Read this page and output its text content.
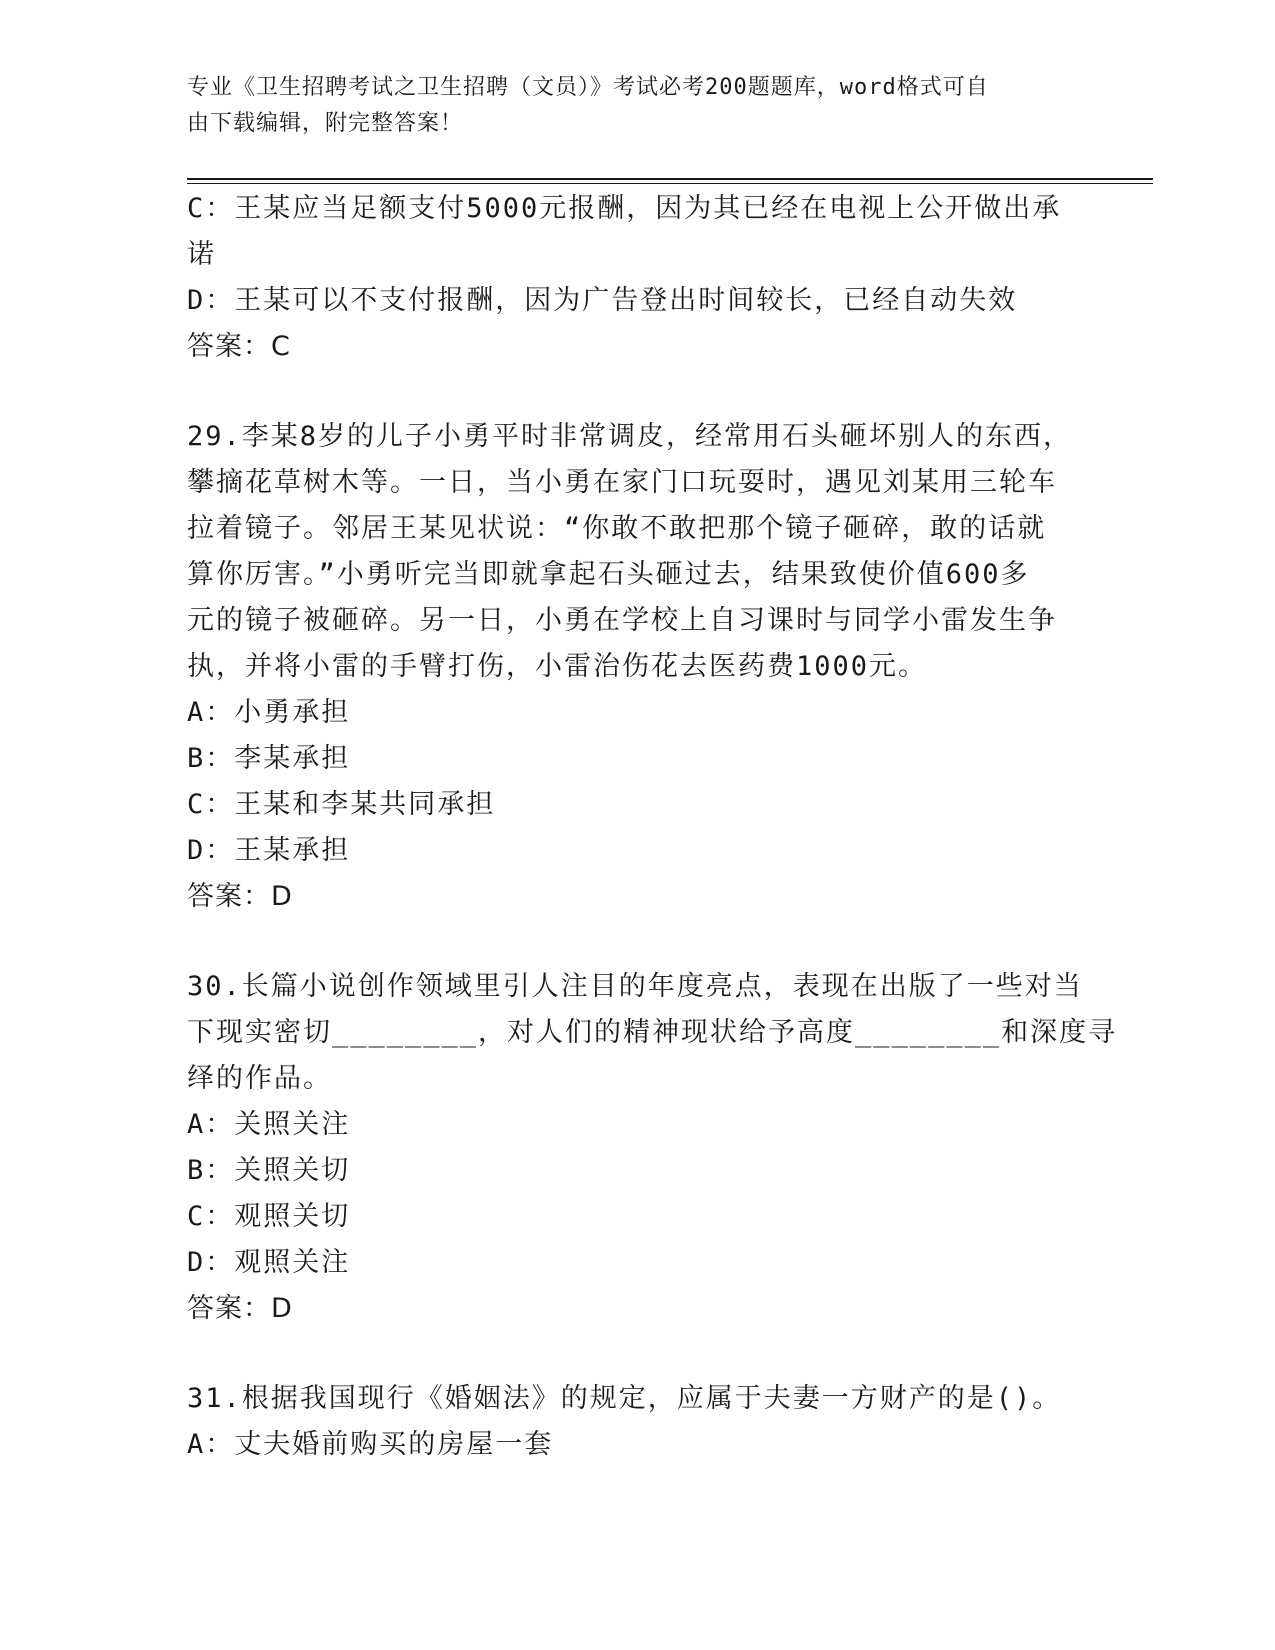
专业《卫生招聘考试之卫生招聘（文员）》考试必考200题题库，word格式可自
由下载编辑，附完整答案！
C：王某应当足额支付5000元报酬，因为其已经在电视上公开做出承
诺
D：王某可以不支付报酬，因为广告登出时间较长，已经自动失效
答案：C
29.李某8岁的儿子小勇平时非常调皮，经常用石头砸坏别人的东西，
攀摘花草树木等。一日，当小勇在家门口玩耍时，遇见刘某用三轮车
拉着镜子。邻居王某见状说：“你敢不敢把那个镜子砸碎，敢的话就
算你厉害。”小勇听完当即就拿起石头砸过去，结果致使价值600多
元的镜子被砸碎。另一日，小勇在学校上自习课时与同学小雷发生争
执，并将小雷的手臂打伤，小雷治伤花去医药费1000元。
A：小勇承担
B：李某承担
C：王某和李某共同承担
D：王某承担
答案：D
30.长篇小说创作领域里引人注目的年度亮点，表现在出版了一些对当
下现实密切________，对人们的精神现状给予高度________和深度寻
绎的作品。
A：关照关注
B：关照关切
C：观照关切
D：观照关注
答案：D
31.根据我国现行《婚姻法》的规定，应属于夫妻一方财产的是()。
A：丈夫婚前购买的房屋一套
